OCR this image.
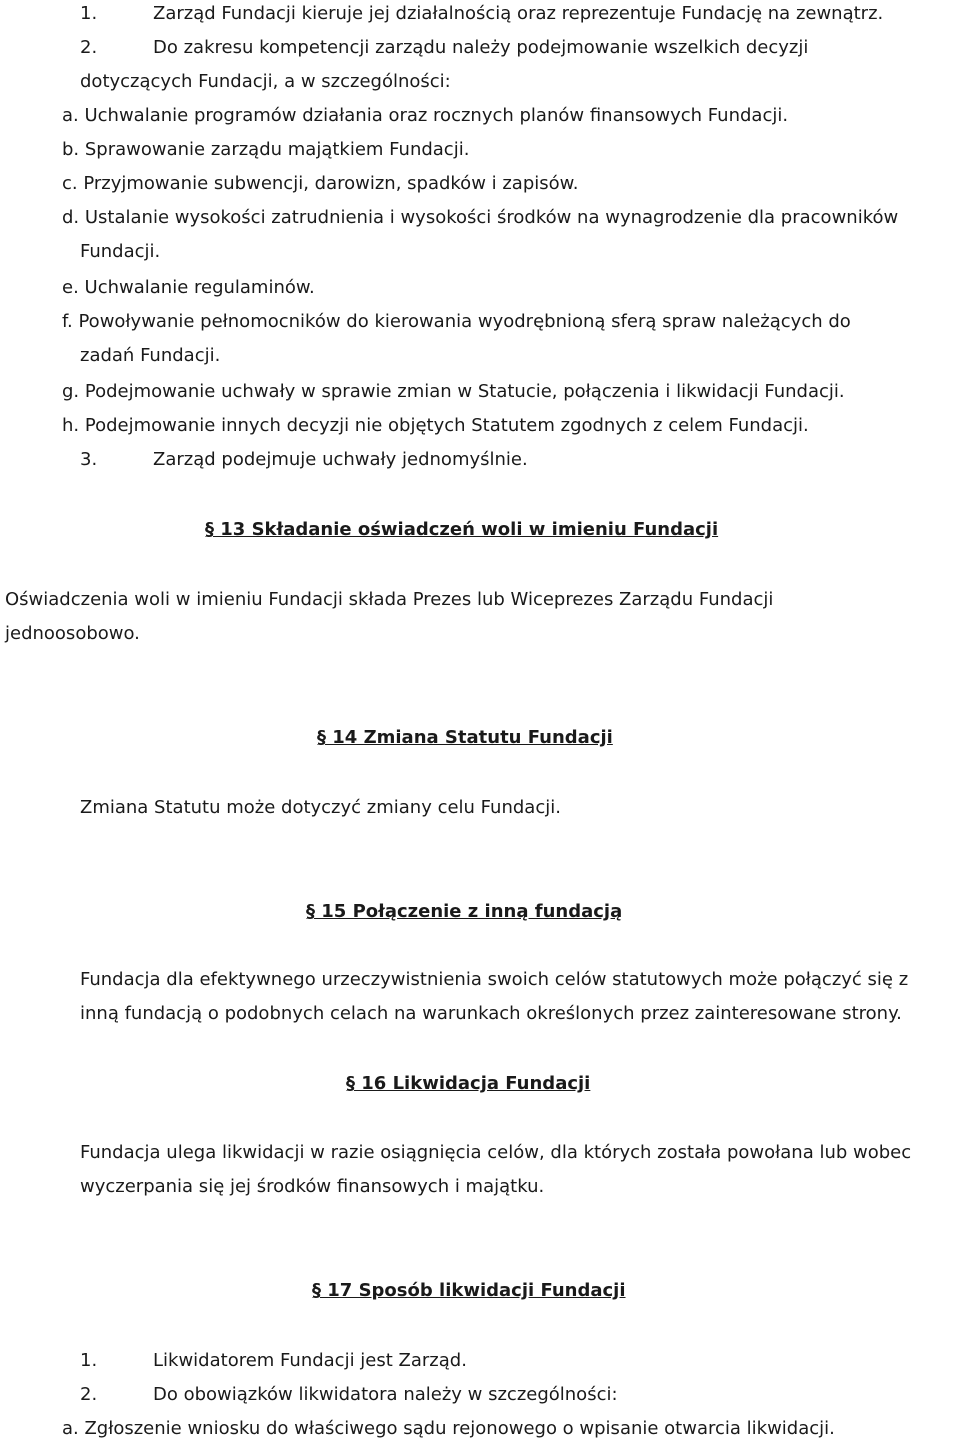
1.	Zarząd Fundacji kieruje jej działalnością oraz reprezentuje Fundację na zewnątrz.
2.	Do zakresu kompetencji zarządu należy podejmowanie wszelkich decyzji
dotyczących Fundacji, a w szczególności:
a. Uchwalanie programów działania oraz rocznych planów finansowych Fundacji.
b. Sprawowanie zarządu majątkiem Fundacji.
c. Przyjmowanie subwencji, darowizn, spadków i zapisów.
d. Ustalanie wysokości zatrudnienia i wysokości środków na wynagrodzenie dla pracowników
Fundacji.
e. Uchwalanie regulaminów.
f. Powoływanie pełnomocników do kierowania wyodrębnioną sferą spraw należących do
zadań Fundacji.
g. Podejmowanie uchwały w sprawie zmian w Statucie, połączenia i likwidacji Fundacji.
h. Podejmowanie innych decyzji nie objętych Statutem zgodnych z celem Fundacji.
3.	Zarząd podejmuje uchwały jednomyślnie.
§ 13 Składanie oświadczeń woli w imieniu Fundacji
Oświadczenia woli w imieniu Fundacji składa Prezes lub Wiceprezes Zarządu Fundacji
jednoosobowo.
§ 14 Zmiana Statutu Fundacji
Zmiana Statutu może dotyczyć zmiany celu Fundacji.
§ 15 Połączenie z inną fundacją
Fundacja dla efektywnego urzeczywistnienia swoich celów statutowych może połączyć się z
inną fundacją o podobnych celach na warunkach określonych przez zainteresowane strony.
§ 16 Likwidacja Fundacji
Fundacja ulega likwidacji w razie osiągnięcia celów, dla których została powołana lub wobec
wyczerpania się jej środków finansowych i majątku.
§ 17 Sposób likwidacji Fundacji
1.	Likwidatorem Fundacji jest Zarząd.
2.	Do obowiązków likwidatora należy w szczególności:
a. Zgłoszenie wniosku do właściwego sądu rejonowego o wpisanie otwarcia likwidacji.
